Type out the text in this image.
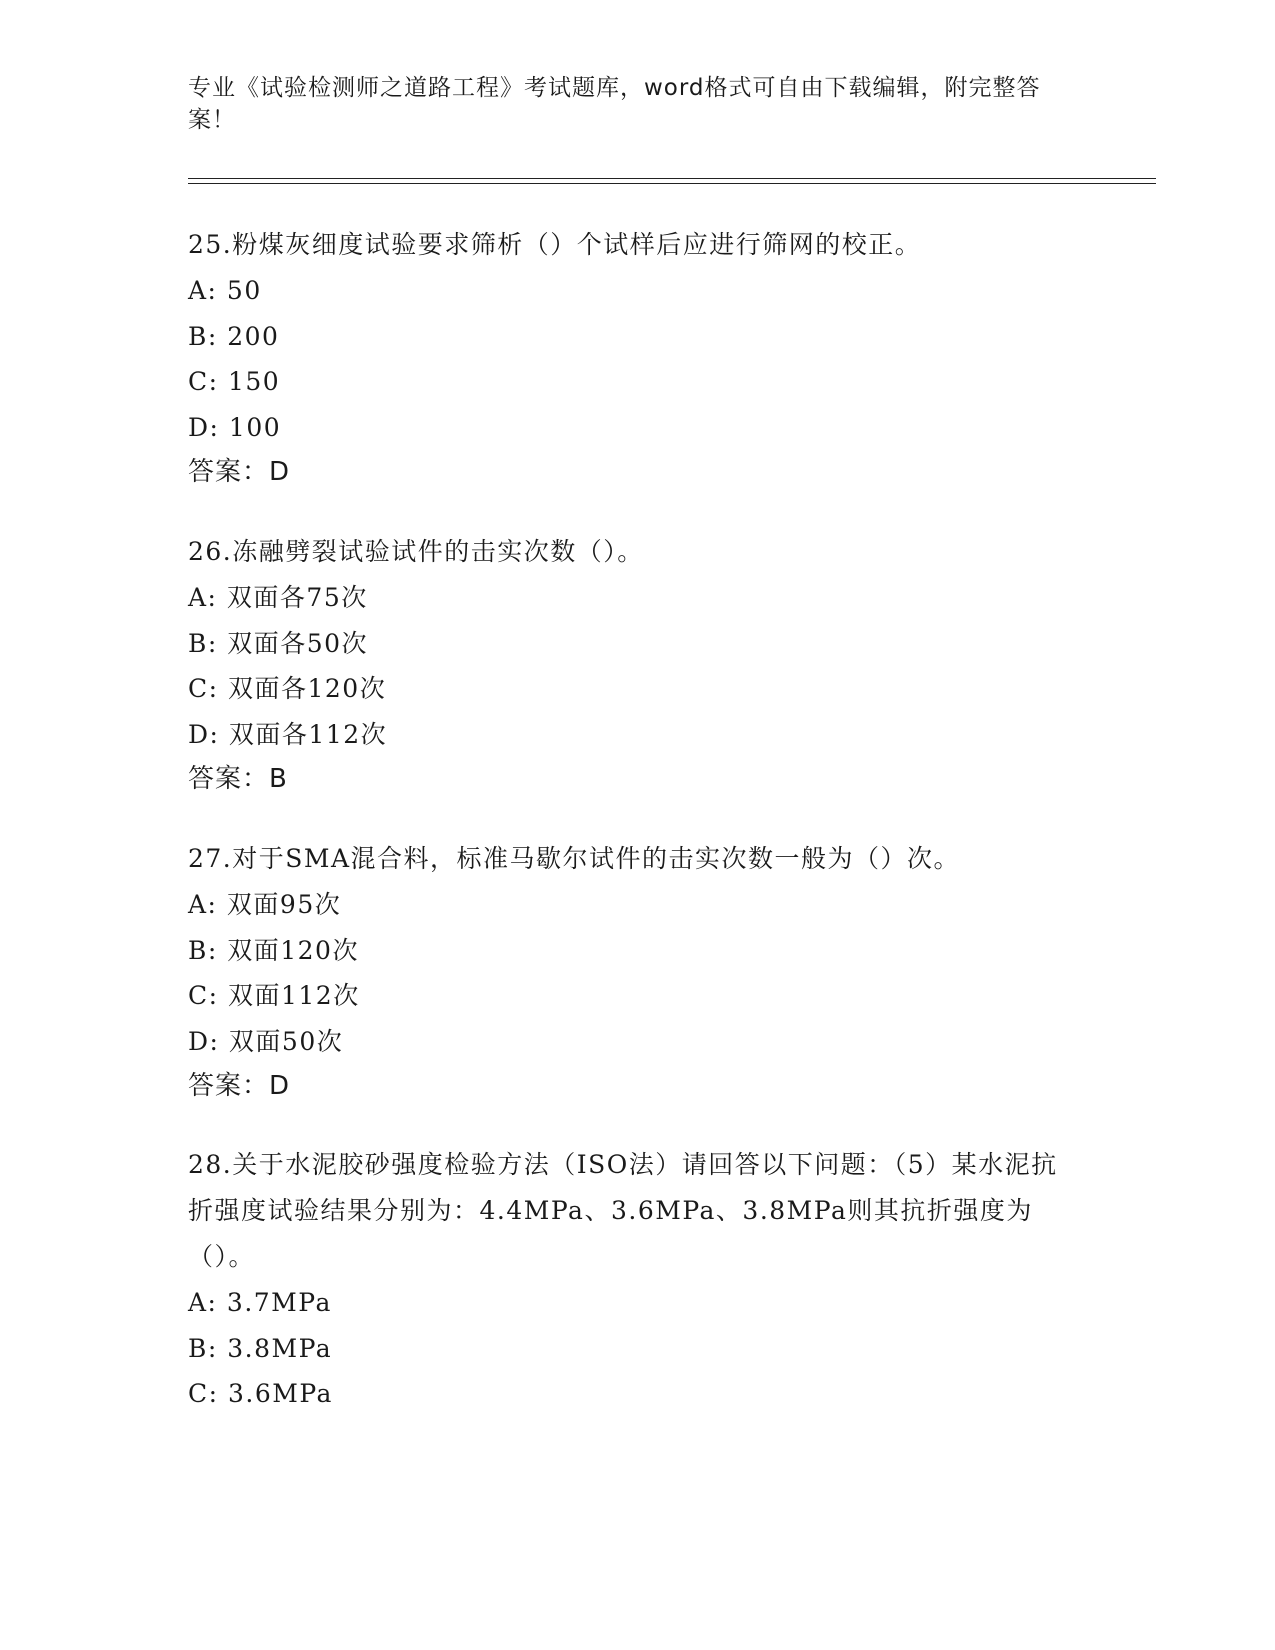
专业《试验检测师之道路工程》考试题库，word格式可自由下载编辑，附完整答案！

25.粉煤灰细度试验要求筛析（）个试样后应进行筛网的校正。

A: 50

B: 200

C: 150

D: 100

答案：D

26.冻融劈裂试验试件的击实次数（）。

A: 双面各75次

B: 双面各50次

C: 双面各120次

D: 双面各112次

答案：B

27.对于SMA混合料，标准马歇尔试件的击实次数一般为（）次。

A: 双面95次

B: 双面120次

C: 双面112次

D: 双面50次

答案：D

28.关于水泥胶砂强度检验方法（ISO法）请回答以下问题：（5）某水泥抗折强度试验结果分别为：4.4MPa、3.6MPa、3.8MPa则其抗折强度为（）。

A: 3.7MPa

B: 3.8MPa

C: 3.6MPa
